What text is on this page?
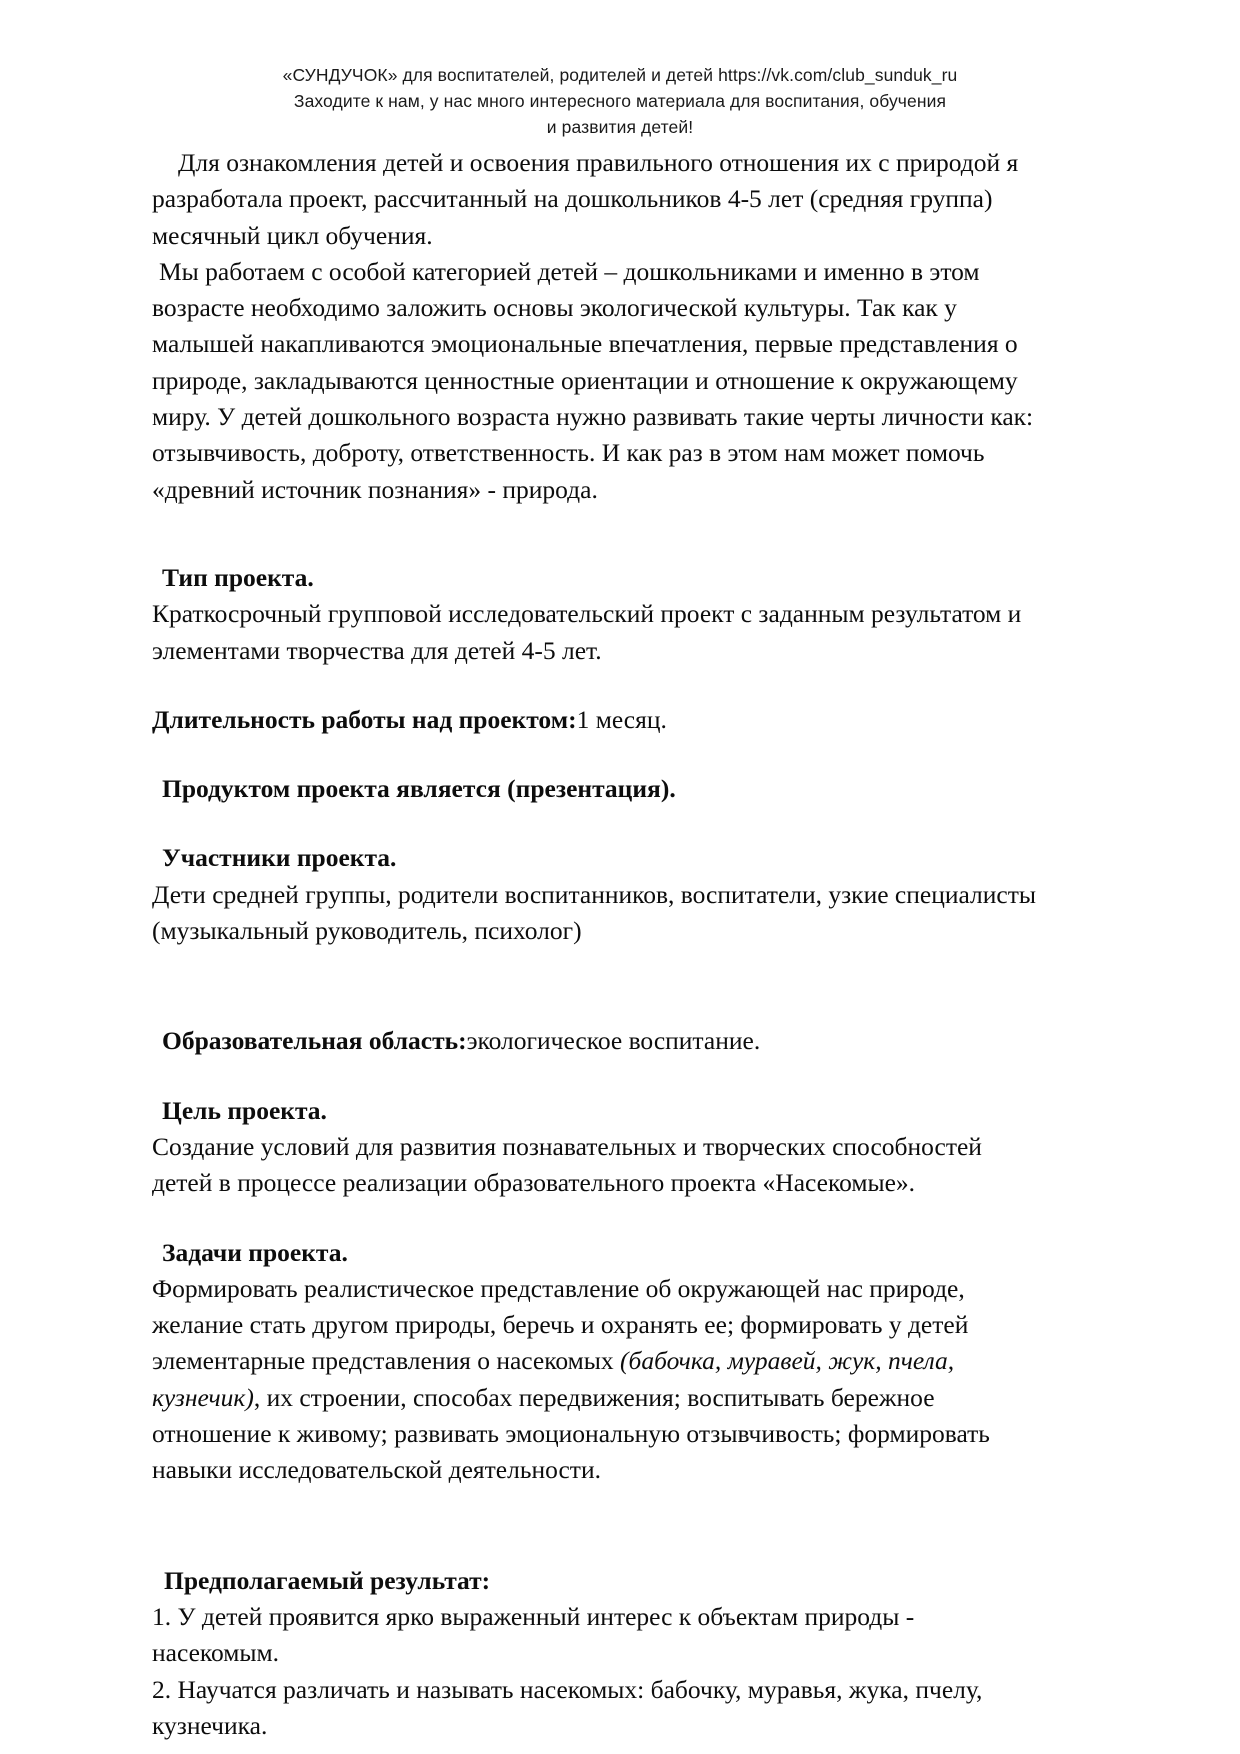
«СУНДУЧОК» для воспитателей, родителей и детей https://vk.com/club_sunduk_ru
Заходите к нам, у нас много интересного материала для воспитания, обучения
и развития детей!

Для ознакомления детей и освоения правильного отношения их с природой я разработала проект, рассчитанный на дошкольников 4-5 лет (средняя группа) месячный цикл обучения.

Мы работаем с особой категорией детей – дошкольниками и именно в этом возрасте необходимо заложить основы экологической культуры. Так как у малышей накапливаются эмоциональные впечатления, первые представления о природе, закладываются ценностные ориентации и отношение к окружающему миру. У детей дошкольного возраста нужно развивать такие черты личности как: отзывчивость, доброту, ответственность. И как раз в этом нам может помочь «древний источник познания» - природа.

Тип проекта.

Краткосрочный групповой исследовательский проект с заданным результатом и элементами творчества для детей 4-5 лет.

Длительность работы над проектом:1 месяц.

Продуктом проекта является (презентация).

Участники проекта.

Дети средней группы, родители воспитанников, воспитатели, узкие специалисты (музыкальный руководитель, психолог)

Образовательная область:экологическое воспитание.

Цель проекта.

Создание условий для развития познавательных и творческих способностей детей в процессе реализации образовательного проекта «Насекомые».

Задачи проекта.

Формировать реалистическое представление об окружающей нас природе, желание стать другом природы, беречь и охранять ее; формировать у детей элементарные представления о насекомых (бабочка, муравей, жук, пчела, кузнечик), их строении, способах передвижения; воспитывать бережное отношение к живому; развивать эмоциональную отзывчивость; формировать навыки исследовательской деятельности.

Предполагаемый результат:

1. У детей проявится ярко выраженный интерес к объектам природы - насекомым.

2. Научатся различать и называть насекомых: бабочку, муравья, жука, пчелу, кузнечика.
